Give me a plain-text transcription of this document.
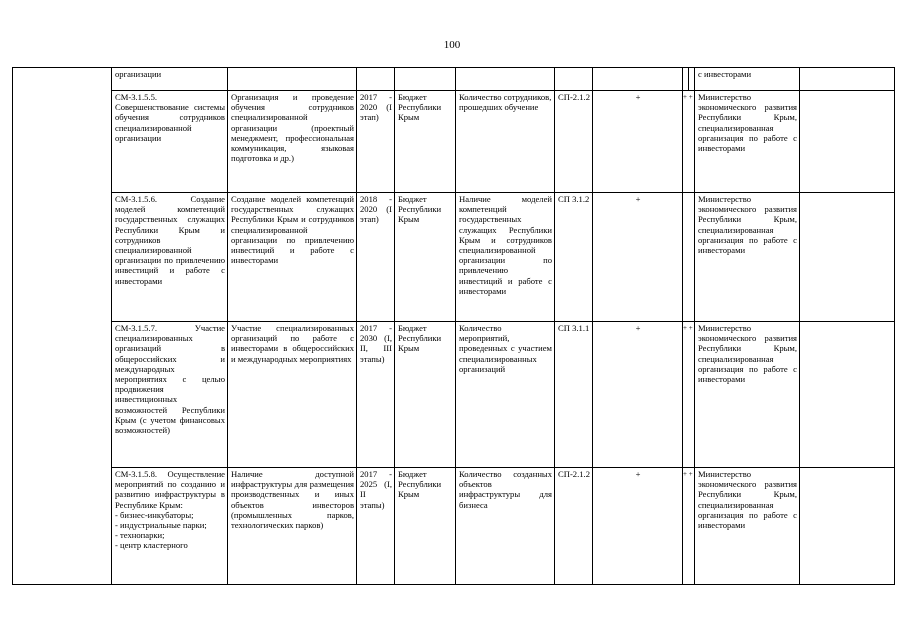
100
	организации									с инвесторами	
	СМ-3.1.5.5. Совершенствование системы обучения сотрудников специализированной организации	Организация и проведение обучения сотрудников специализированной организации (проектный менеджмент, профессиональная коммуникация, языковая подготовка и др.)	2017 - 2020 (I этап)	Бюджет Республики Крым	Количество сотрудников, прошедших обучение	СП-2.1.2	+	+ +		Министерство экономического развития Республики Крым, специализированная организация по работе с инвесторами	
	СМ-3.1.5.6. Создание моделей компетенций государственных служащих Республики Крым и сотрудников специализированной организации по привлечению инвестиций и работе с инвесторами	Создание моделей компетенций государственных служащих Республики Крым и сотрудников специализированной организации по привлечению инвестиций и работе с инвесторами	2018 - 2020 (I этап)	Бюджет Республики Крым	Наличие моделей компетенций государственных служащих Республики Крым и сотрудников специализированной организации по привлечению инвестиций и работе с инвесторами	СП 3.1.2	+			Министерство экономического развития Республики Крым, специализированная организация по работе с инвесторами	
	СМ-3.1.5.7. Участие специализированных организаций в общероссийских и международных мероприятиях с целью продвижения инвестиционных возможностей Республики Крым (с учетом финансовых возможностей)	Участие специализированных организаций по работе с инвесторами в общероссийских и международных мероприятиях	2017 - 2030 (I, II, III этапы)	Бюджет Республики Крым	Количество мероприятий, проведенных с участием специализированных организаций	СП 3.1.1	+	+ +		Министерство экономического развития Республики Крым, специализированная организация по работе с инвесторами	

	СМ-3.1.5.8. Осуществление мероприятий по созданию и развитию инфраструктуры в Республике Крым:
- бизнес-инкубаторы;
- индустриальные парки;
- технопарки;
- центр кластерного	Наличие доступной инфраструктуры для размещения производственных и иных объектов инвесторов (промышленных парков, технологических парков)	2017 - 2025 (I, II этапы)	Бюджет Республики Крым	Количество созданных объектов инфраструктуры для бизнеса	СП-2.1.2	+	+ +		Министерство экономического развития Республики Крым, специализированная организация по работе с инвесторами	
